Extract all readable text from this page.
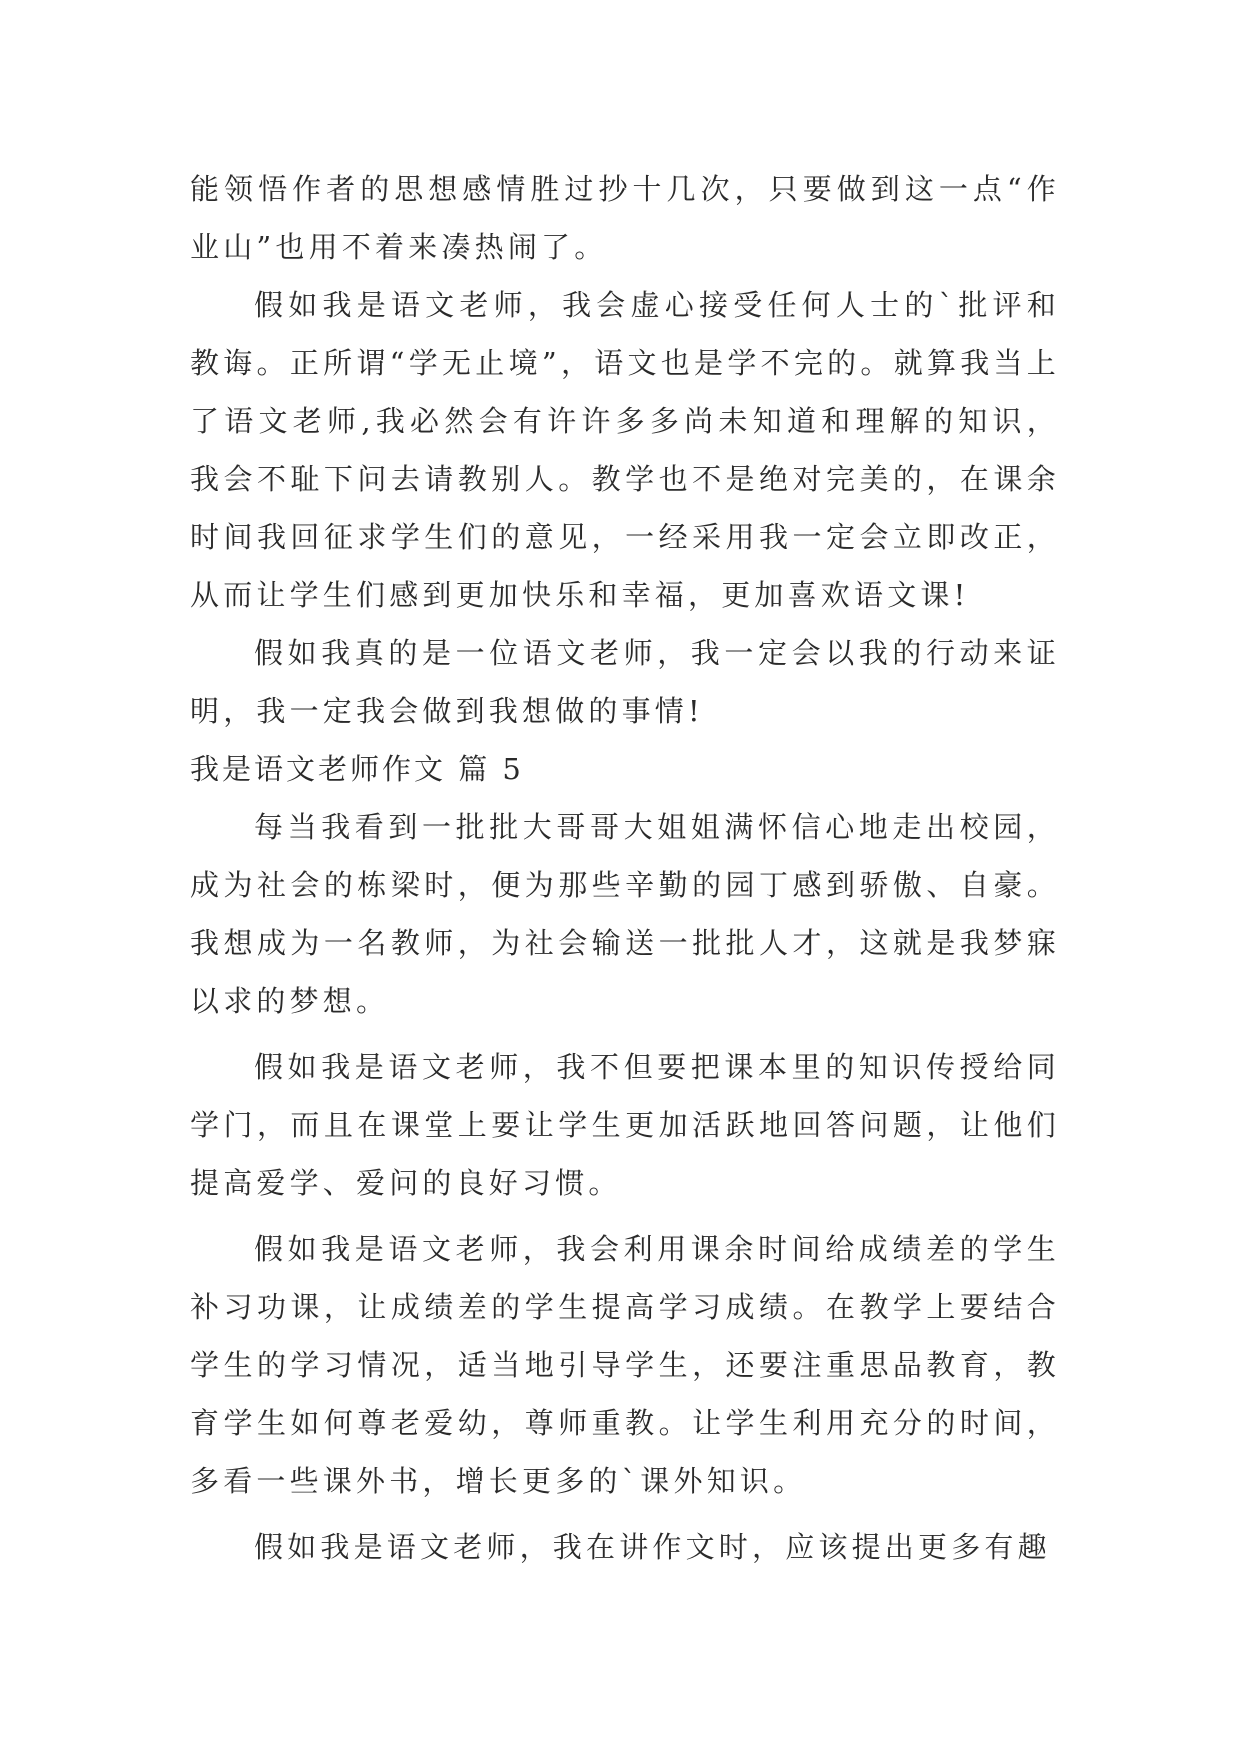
能领悟作者的思想感情胜过抄十几次，只要做到这一点“作业山”也用不着来凑热闹了。

假如我是语文老师，我会虚心接受任何人士的`批评和教诲。正所谓“学无止境”，语文也是学不完的。就算我当上了语文老师,我必然会有许许多多尚未知道和理解的知识，我会不耻下问去请教别人。教学也不是绝对完美的，在课余时间我回征求学生们的意见，一经采用我一定会立即改正，从而让学生们感到更加快乐和幸福，更加喜欢语文课!

假如我真的是一位语文老师，我一定会以我的行动来证明，我一定我会做到我想做的事情!

我是语文老师作文 篇 5

每当我看到一批批大哥哥大姐姐满怀信心地走出校园，成为社会的栋梁时，便为那些辛勤的园丁感到骄傲、自豪。我想成为一名教师，为社会输送一批批人才，这就是我梦寐以求的梦想。

假如我是语文老师，我不但要把课本里的知识传授给同学门，而且在课堂上要让学生更加活跃地回答问题，让他们提高爱学、爱问的良好习惯。

假如我是语文老师，我会利用课余时间给成绩差的学生补习功课，让成绩差的学生提高学习成绩。在教学上要结合学生的学习情况，适当地引导学生，还要注重思品教育，教育学生如何尊老爱幼，尊师重教。让学生利用充分的时间，多看一些课外书，增长更多的`课外知识。

假如我是语文老师，我在讲作文时，应该提出更多有趣
